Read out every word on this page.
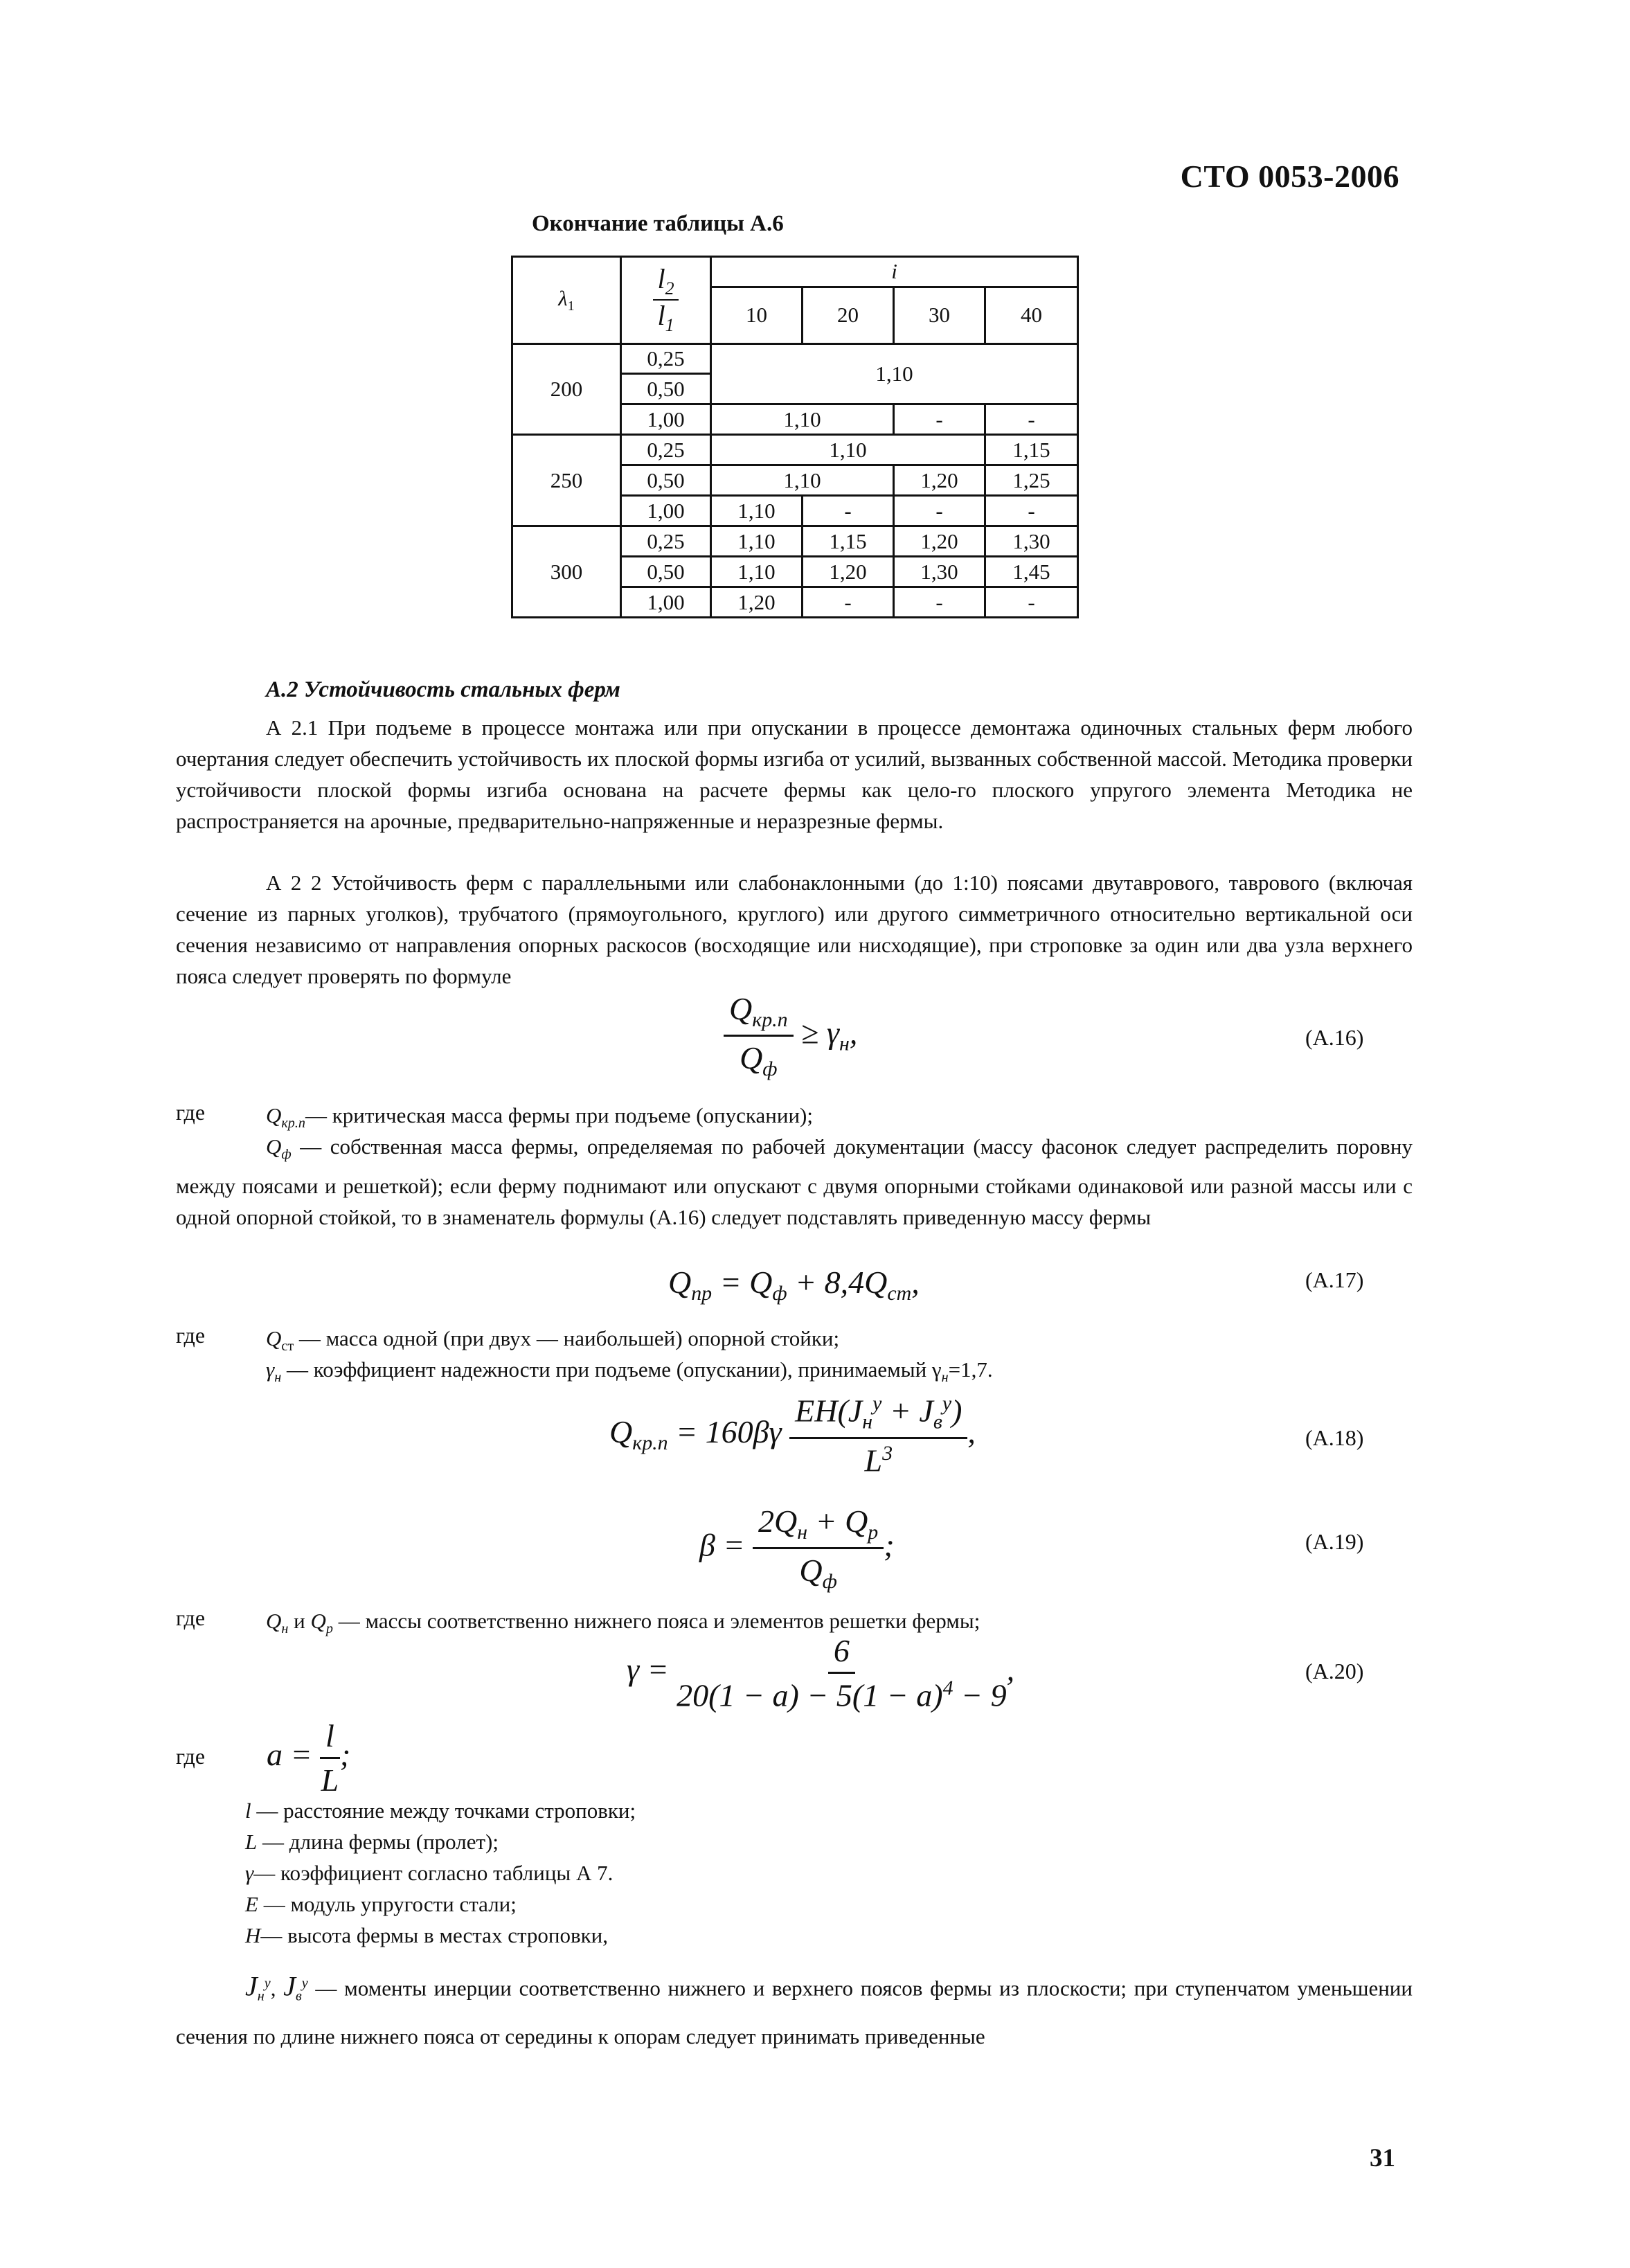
СТО 0053-2006
Окончание таблицы А.6
$\lambda_1$	$\frac{l_2}{l_1}$	i			
		10	20	30	40
200	0,25	1,10			
	0,50				
	1,00	1,10		-	-
250	0,25	1,10			1,15
	0,50	1,10		1,20	1,25
	1,00	1,10	-	-	-
300	0,25	1,10	1,15	1,20	1,30
	0,50	1,10	1,20	1,30	1,45
	1,00	1,20	-	-	-
А.2 Устойчивость стальных ферм
А 2.1 При подъеме в процессе монтажа или при опускании в процессе демонтажа одиночных стальных ферм любого очертания следует обеспечить устойчивость их плоской формы изгиба от усилий, вызванных собственной массой. Методика проверки устойчивости плоской формы изгиба основана на расчете фермы как цело-го плоского упругого элемента Методика не распространяется на арочные, предварительно-напряженные и неразрезные фермы.
А 2 2 Устойчивость ферм с параллельными или слабонаклонными (до 1:10) поясами двутаврового, таврового (включая сечение из парных уголков), трубчатого (прямоугольного, круглого) или другого симметричного относительно вертикальной оси сечения независимо от направления опорных раскосов (восходящие или нисходящие), при строповке за один или два узла верхнего пояса следует проверять по формуле
$Q_{кр.п}$
$Q_ф$
≥ $\gamma_н$,	(А.16)
где	$Q_{кр.п}—$ критическая масса фермы при подъеме (опускании);
$Q_ф$ — собственная масса фермы, определяемая по рабочей документации (массу фасонок следует распределить поровну между поясами и решеткой); если ферму поднимают или опускают с двумя опорными стойками одинаковой или разной массы или с одной опорной стойкой, то в знаменатель формулы (А.16) следует подставлять приведенную массу фермы
$Q_{пр} = Q_ф + 8,4Q_{ст}$,	(А.17)
где	$Q_{ст}$ — масса одной (при двух — наибольшей) опорной стойки;
$\gamma_н$ — коэффициент надежности при подъеме (опускании), принимаемый $\gamma_н=1,7$.
$Q_{кр.п} = 160\beta\gamma$
$EH(J_н^y + J_в^y)$
$L^3$
,	(А.18)
β =
$2Q_н + Q_р$
$Q_ф$
;	(А.19)
где	$Q_н$ и $Q_р$ — массы соответственно нижнего пояса и элементов решетки фермы;
$\gamma = \frac{6}{20(1 - a) - 5(1 - a)^4 - 9}$ ,	(А.20)
где $a = \frac{l}{L}$ ;
l — расстояние между точками строповки;
L — длина фермы (пролет);
γ— коэффициент согласно таблицы А 7.
E — модуль упругости стали;
H— высота фермы в местах строповки,
$J_н^y$, $J_в^y$ — моменты инерции соответственно нижнего и верхнего поясов фермы из плоскости; при ступенчатом уменьшении сечения по длине нижнего пояса от середины к опорам следует принимать приведенные
31
